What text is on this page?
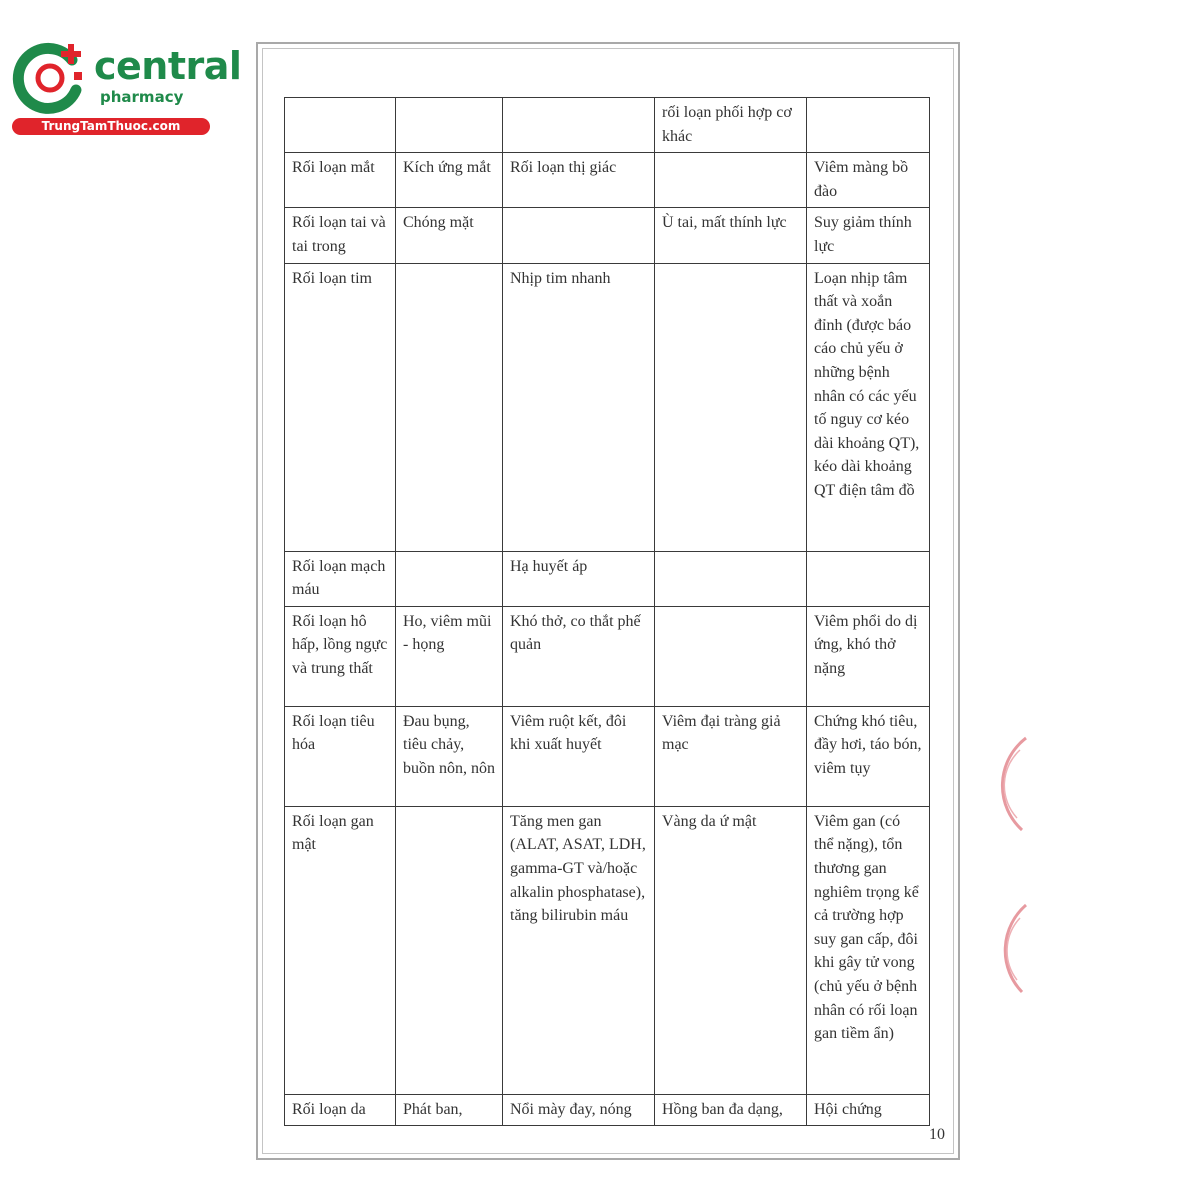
central
pharmacy
TrungTamThuoc.com
			rối loạn phối hợp cơ khác	
Rối loạn mắt	Kích ứng mắt	Rối loạn thị giác		Viêm màng bồ đào
Rối loạn tai và tai trong	Chóng mặt		Ù tai, mất thính lực	Suy giảm thính lực
Rối loạn tim		Nhịp tim nhanh		Loạn nhịp tâm thất và xoắn đỉnh (được báo cáo chủ yếu ở những bệnh nhân có các yếu tố nguy cơ kéo dài khoảng QT), kéo dài khoảng QT điện tâm đồ
Rối loạn mạch máu		Hạ huyết áp		
Rối loạn hô hấp, lồng ngực và trung thất	Ho, viêm mũi - họng	Khó thở, co thắt phế quản		Viêm phổi do dị ứng, khó thở nặng
Rối loạn tiêu hóa	Đau bụng, tiêu chảy, buồn nôn, nôn	Viêm ruột kết, đôi khi xuất huyết	Viêm đại tràng giả mạc	Chứng khó tiêu, đầy hơi, táo bón, viêm tụy
Rối loạn gan mật		Tăng men gan (ALAT, ASAT, LDH, gamma-GT và/hoặc alkalin phosphatase), tăng bilirubin máu	Vàng da ứ mật	Viêm gan (có thể nặng), tổn thương gan nghiêm trọng kể cả trường hợp suy gan cấp, đôi khi gây tử vong (chủ yếu ở bệnh nhân có rối loạn gan tiềm ẩn)
Rối loạn da	Phát ban,	Nổi mày đay, nóng	Hồng ban đa dạng,	Hội chứng
10
